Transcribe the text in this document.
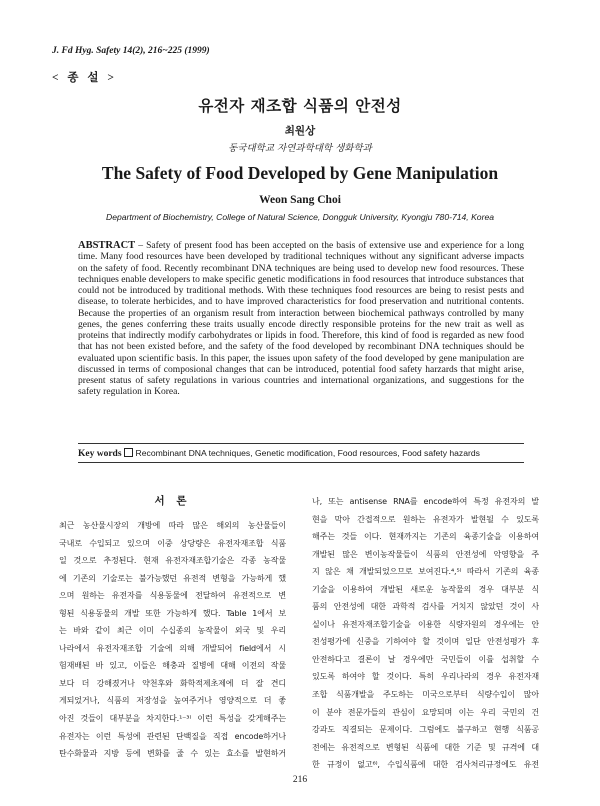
J. Fd Hyg. Safety 14(2), 216~225 (1999)
< 종 설 >
유전자 재조합 식품의 안전성
최원상
동국대학교 자연과학대학 생화학과
The Safety of Food Developed by Gene Manipulation
Weon Sang Choi
Department of Biochemistry, College of Natural Science, Dongguk University, Kyongju 780-714, Korea
ABSTRACT – Safety of present food has been accepted on the basis of extensive use and experience for a long time. Many food resources have been developed by traditional techniques without any significant adverse impacts on the safety of food. Recently recombinant DNA techniques are being used to develop new food resources. These techniques enable developers to make specific genetic modifications in food resources that introduce substances that could not be introduced by traditional methods. With these techniques food resources are being to resist pests and disease, to tolerate herbicides, and to have improved characteristics for food preservation and nutritional contents. Because the properties of an organism result from interaction between biochemical pathways controlled by many genes, the genes conferring these traits usually encode directly responsible proteins for the new trait as well as proteins that indirectly modify carbohydrates or lipids in food. Therefore, this kind of food is regarded as new food that has not been existed before, and the safety of the food developed by recombinant DNA techniques should be evaluated upon scientific basis. In this paper, the issues upon safety of the food developed by gene manipulation are discussed in terms of composional changes that can be introduced, potential food safety harzards that might arise, present status of safety regulations in various countries and international organizations, and suggestions for the safety regulation in Korea.
Key words Recombinant DNA techniques, Genetic modification, Food resources, Food safety hazards
서 론
최근 농산물시장의 개방에 따라 많은 해외의 농산물들이
국내로 수입되고 있으며 이중 상당량은 유전자재조합 식품
일 것으로 추정된다. 현재 유전자재조합기술은 각종 농작물
에 기존의 기술로는 불가능했던 유전적 변형을 가능하게 했
으며 원하는 유전자를 식용동물에 전달하여 유전적으로 변
형된 식용동물의 개발 또한 가능하게 했다. Table 1에서 보
는 바와 같이 최근 이미 수십종의 농작물이 외국 및 우리
나라에서 유전자재조합 기술에 의해 개발되어 field에서 시
험재배된 바 있고, 이들은 해충과 질병에 대해 이전의 작물
보다 더 강해졌거나 약천후와 화학적제초제에 더 잘 견디
게되었거나, 식품의 저장성을 높여주거나 영양적으로 더 좋
아진 것들이 대부분을 차지한다.¹⁻³⁾ 이런 특성을 갖게해주는
유전자는 이런 특성에 관련된 단백질을 직접 encode하거나
탄수화물과 지방 등에 변화를 줄 수 있는 효소를 발현하거
나, 또는 antisense RNA를 encode하여 특정 유전자의 발
현을 막아 간접적으로 원하는 유전자가 발현될 수 있도록
해주는 것들 이다. 현재까지는 기존의 육종기술을 이용하여
개발된 많은 변이농작물들이 식품의 안전성에 악영향을 주
지 않은 채 개발되었으므로 보여진다.⁴,⁵⁾ 따라서 기존의 육종
기술을 이용하여 개발된 새로운 농작물의 경우 대부분 식
품의 안전성에 대한 과학적 검사를 거치지 않았던 것이 사
실이나 유전자재조합기술을 이용한 식량자원의 경우에는 안
전성평가에 신중을 기하여야 할 것이며 일단 안전성평가 후
안전하다고 결론이 날 경우에만 국민들이 이를 섭취할 수
있도록 하여야 할 것이다. 특히 우리나라의 경우 유전자재
조합 식품개발을 주도하는 미국으로부터 식량수입이 많아
이 분야 전문가들의 관심이 요망되며 이는 우리 국민의 건
강과도 직결되는 문제이다. 그럼에도 불구하고 현행 식품공
전에는 유전적으로 변형된 식품에 대한 기준 및 규격에 대
한 규정이 없고⁶⁾, 수입식품에 대한 검사처리규정에도 유전
216
